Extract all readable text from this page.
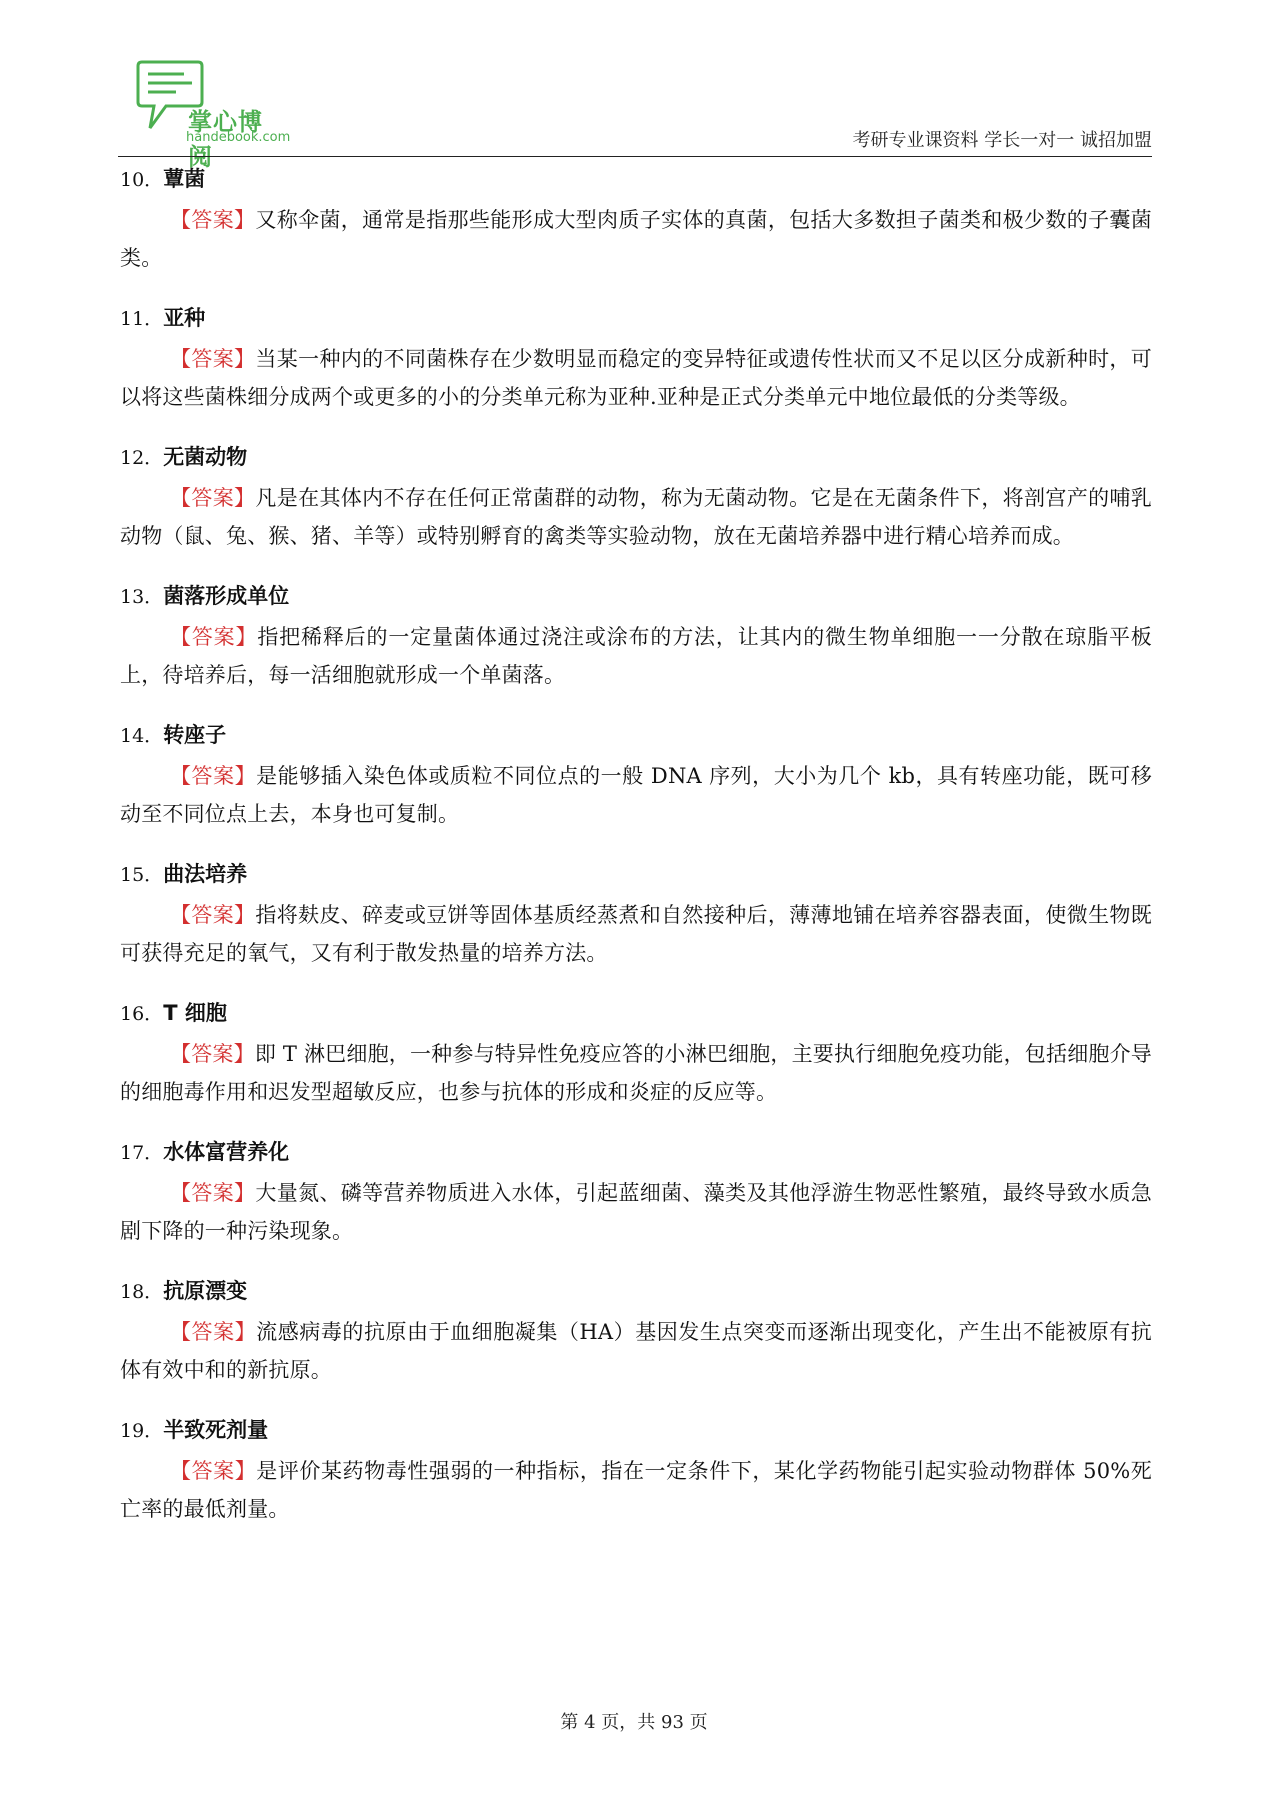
掌心博阅
handebook.com	考研专业课资料 学长一对一 诚招加盟

10．蕈菌

【答案】又称伞菌，通常是指那些能形成大型肉质子实体的真菌，包括大多数担子菌类和极少数的子囊菌类。

11．亚种

【答案】当某一种内的不同菌株存在少数明显而稳定的变异特征或遗传性状而又不足以区分成新种时，可以将这些菌株细分成两个或更多的小的分类单元称为亚种.亚种是正式分类单元中地位最低的分类等级。

12．无菌动物

【答案】凡是在其体内不存在任何正常菌群的动物，称为无菌动物。它是在无菌条件下，将剖宫产的哺乳动物（鼠、兔、猴、猪、羊等）或特别孵育的禽类等实验动物，放在无菌培养器中进行精心培养而成。

13．菌落形成单位

【答案】指把稀释后的一定量菌体通过浇注或涂布的方法，让其内的微生物单细胞一一分散在琼脂平板上，待培养后，每一活细胞就形成一个单菌落。

14．转座子

【答案】是能够插入染色体或质粒不同位点的一般 DNA 序列，大小为几个 kb，具有转座功能，既可移动至不同位点上去，本身也可复制。

15．曲法培养

【答案】指将麸皮、碎麦或豆饼等固体基质经蒸煮和自然接种后，薄薄地铺在培养容器表面，使微生物既可获得充足的氧气，又有利于散发热量的培养方法。

16．T 细胞

【答案】即 T 淋巴细胞，一种参与特异性免疫应答的小淋巴细胞，主要执行细胞免疫功能，包括细胞介导的细胞毒作用和迟发型超敏反应，也参与抗体的形成和炎症的反应等。

17．水体富营养化

【答案】大量氮、磷等营养物质进入水体，引起蓝细菌、藻类及其他浮游生物恶性繁殖，最终导致水质急剧下降的一种污染现象。

18．抗原漂变

【答案】流感病毒的抗原由于血细胞凝集（HA）基因发生点突变而逐渐出现变化，产生出不能被原有抗体有效中和的新抗原。

19．半致死剂量

【答案】是评价某药物毒性强弱的一种指标，指在一定条件下，某化学药物能引起实验动物群体 50%死亡率的最低剂量。

第 4 页，共 93 页
